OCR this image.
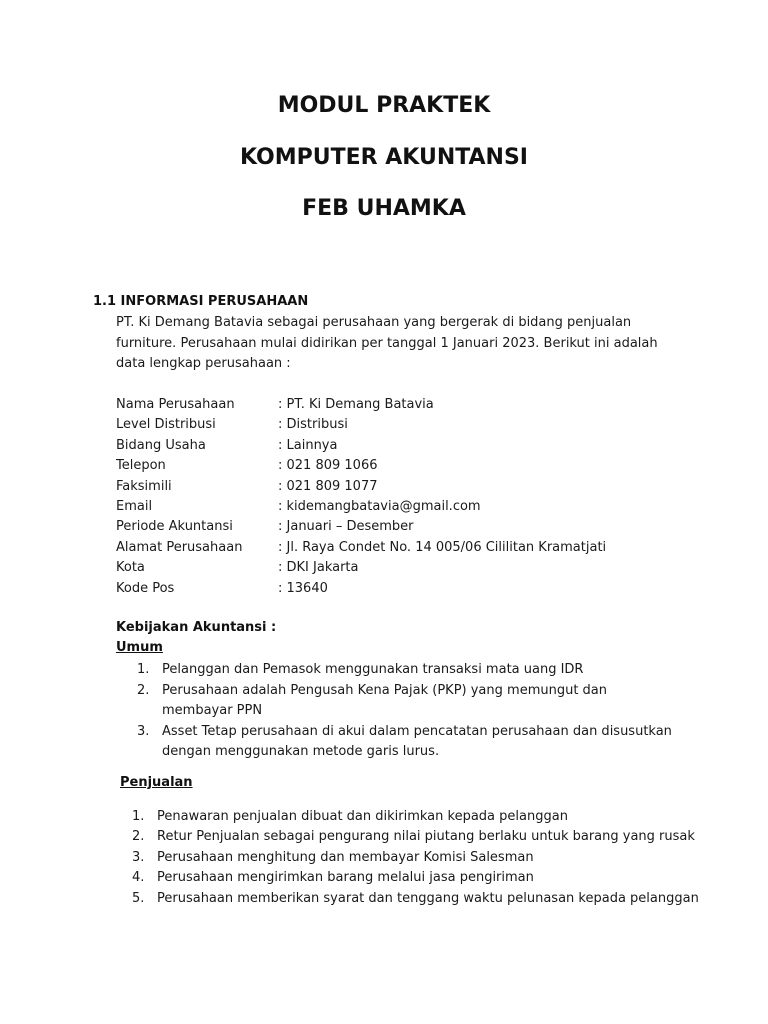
MODUL PRAKTEK
KOMPUTER AKUNTANSI
FEB UHAMKA
1.1 INFORMASI PERUSAHAAN
PT. Ki Demang Batavia sebagai perusahaan yang bergerak di bidang penjualan furniture. Perusahaan mulai didirikan per tanggal 1 Januari 2023. Berikut ini adalah data lengkap perusahaan :
Nama Perusahaan	: PT. Ki Demang Batavia
Level Distribusi	: Distribusi
Bidang Usaha	: Lainnya
Telepon	: 021 809 1066
Faksimili	: 021 809 1077
Email	: kidemangbatavia@gmail.com
Periode Akuntansi	: Januari – Desember
Alamat Perusahaan	: Jl. Raya Condet No. 14 005/06 Cililitan Kramatjati
Kota	: DKI Jakarta
Kode Pos	: 13640
Kebijakan Akuntansi :
Umum
1. Pelanggan dan Pemasok menggunakan transaksi mata uang IDR
2. Perusahaan adalah Pengusah Kena Pajak (PKP) yang memungut dan membayar PPN
3. Asset Tetap perusahaan di akui dalam pencatatan perusahaan dan disusutkan dengan menggunakan metode garis lurus.
Penjualan
1. Penawaran penjualan dibuat dan dikirimkan kepada pelanggan
2. Retur Penjualan sebagai pengurang nilai piutang berlaku untuk barang yang rusak
3. Perusahaan menghitung dan membayar Komisi Salesman
4. Perusahaan mengirimkan barang melalui jasa pengiriman
5. Perusahaan memberikan syarat dan tenggang waktu pelunasan kepada pelanggan
